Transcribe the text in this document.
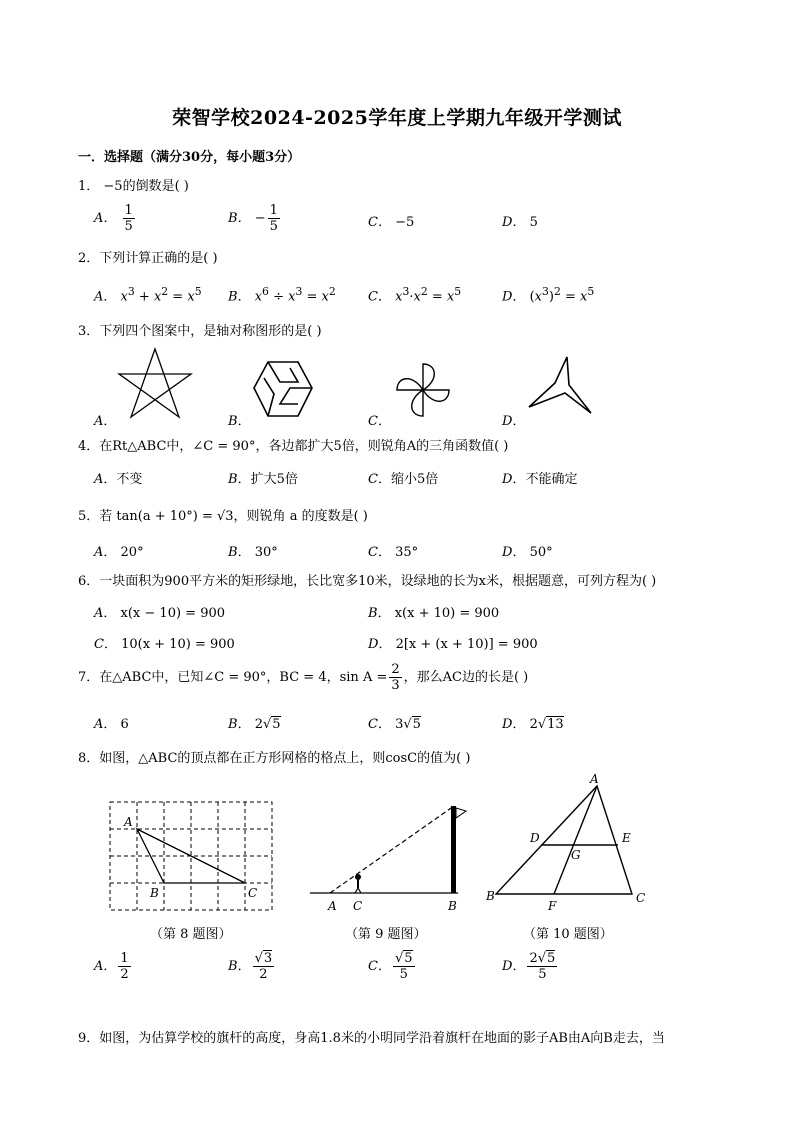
荣智学校2024-2025学年度上学期九年级开学测试
一．选择题（满分30分，每小题3分）
1． −5的倒数是( )
A． $\frac{1}{5}$	B． − $\frac{1}{5}$	C． −5	D． 5
2．下列计算正确的是( )
A． $x^3 + x^2 = x^5$ B． $x^6 \div x^3 = x^2$ C． $x^3\cdot x^2 = x^5$	D． $(x^3)^2 = x^5$
3．下列四个图案中，是轴对称图形的是( )
A．	B．	C．	D．
4．在Rt△ABC中，∠C = 90°，各边都扩大5倍，则锐角A的三角函数值( )
A．不变	B．扩大5倍	C．缩小5倍	D．不能确定
5．若 tan(a + 10°) = √3，则锐角 a 的度数是( )
A． 20°	B． 30°	C． 35°	D． 50°
6．一块面积为900平方米的矩形绿地，长比宽多10米，设绿地的长为x米，根据题意，可列方程为( )
A． x(x − 10) = 900	B． x(x + 10) = 900
C． 10(x + 10) = 900	D． 2[x + (x + 10)] = 900
7．在△ABC中，已知∠C = 90°，BC = 4，$\sin A = \frac{2}{3}$ ，那么AC边的长是( )
A． 6	B． 2√5	C． 3√5	D． 2√13
8．如图，△ABC的顶点都在正方形网格的格点上，则cosC的值为( )
A
B	C
（第 8 题图）
A C	B
（第 9 题图）
A
D	E
G
B
F
C
（第 10 题图）
A． $\frac{1}{2}$	B． $\frac{√3}{2}$	C． $\frac{√5}{5}$	D． $\frac{2√5}{5}$
9．如图，为估算学校的旗杆的高度，身高1.8米的小明同学沿着旗杆在地面的影子AB由A向B走去，当
